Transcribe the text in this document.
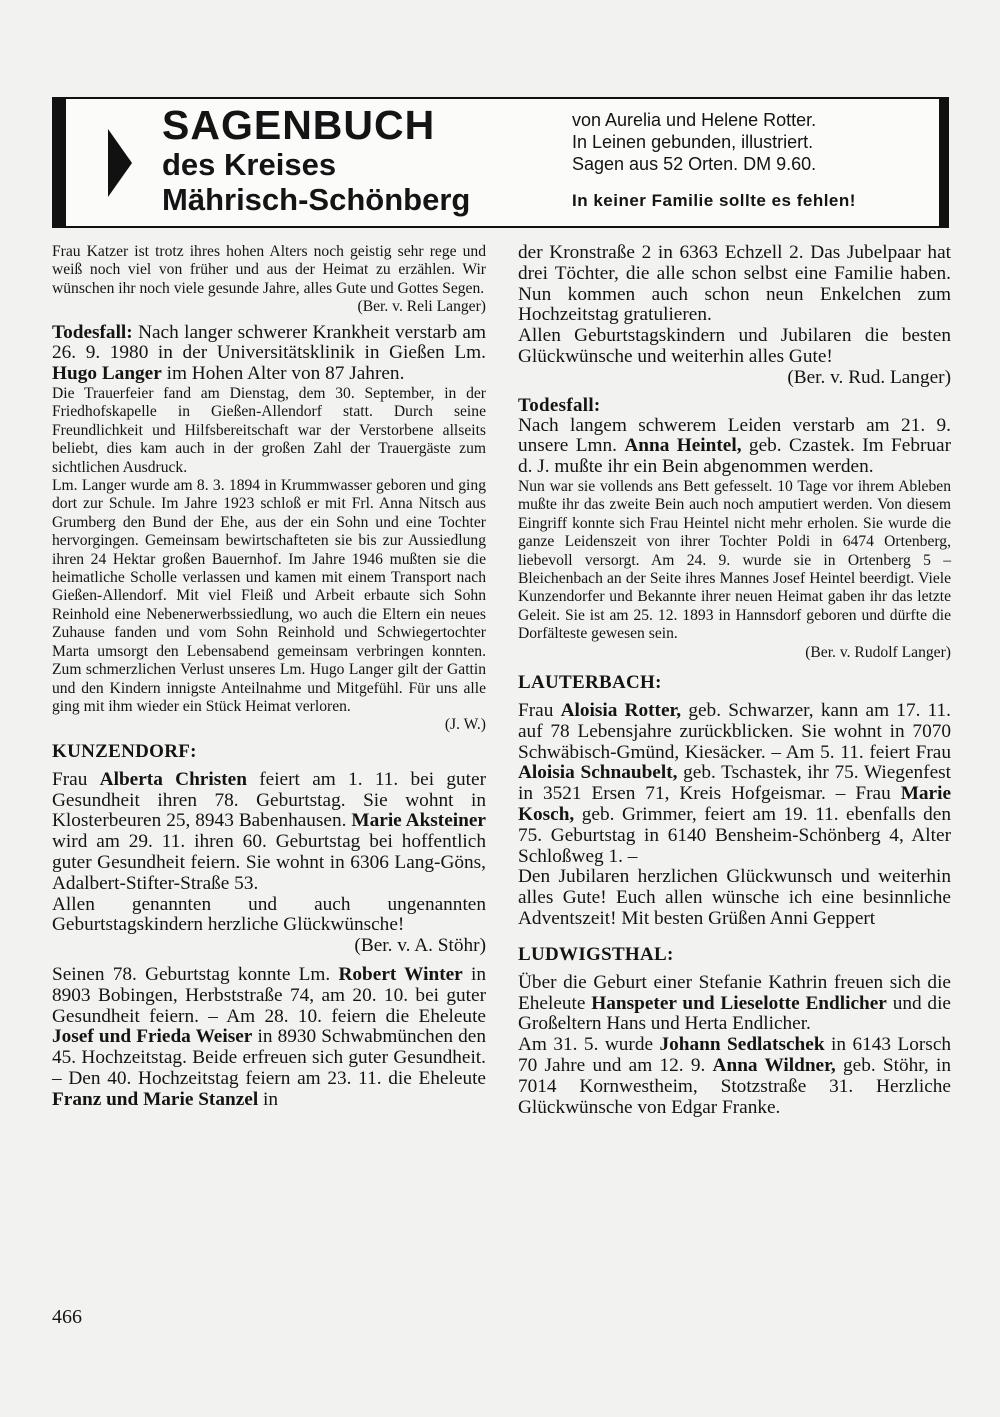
SAGENBUCH
des Kreises
Mährisch-Schönberg
von Aurelia und Helene Rotter.
In Leinen gebunden, illustriert.
Sagen aus 52 Orten. DM 9.60.
In keiner Familie sollte es fehlen!

Frau Katzer ist trotz ihres hohen Alters noch geistig sehr rege und weiß noch viel von früher und aus der Heimat zu erzählen. Wir wünschen ihr noch viele gesunde Jahre, alles Gute und Gottes Segen.

(Ber. v. Reli Langer)

Todesfall: Nach langer schwerer Krankheit verstarb am 26. 9. 1980 in der Universitätsklinik in Gießen Lm. Hugo Langer im Hohen Alter von 87 Jahren.

Die Trauerfeier fand am Dienstag, dem 30. September, in der Friedhofskapelle in Gießen-Allendorf statt. Durch seine Freundlichkeit und Hilfsbereitschaft war der Verstorbene allseits beliebt, dies kam auch in der großen Zahl der Trauergäste zum sichtlichen Ausdruck.

Lm. Langer wurde am 8. 3. 1894 in Krummwasser geboren und ging dort zur Schule. Im Jahre 1923 schloß er mit Frl. Anna Nitsch aus Grumberg den Bund der Ehe, aus der ein Sohn und eine Tochter hervorgingen. Gemeinsam bewirtschafteten sie bis zur Aussiedlung ihren 24 Hektar großen Bauernhof. Im Jahre 1946 mußten sie die heimatliche Scholle verlassen und kamen mit einem Transport nach Gießen-Allendorf. Mit viel Fleiß und Arbeit erbaute sich Sohn Reinhold eine Nebenerwerbssiedlung, wo auch die Eltern ein neues Zuhause fanden und vom Sohn Reinhold und Schwiegertochter Marta umsorgt den Lebensabend gemeinsam verbringen konnten. Zum schmerzlichen Verlust unseres Lm. Hugo Langer gilt der Gattin und den Kindern innigste Anteilnahme und Mitgefühl. Für uns alle ging mit ihm wieder ein Stück Heimat verloren.

(J. W.)

KUNZENDORF:

Frau Alberta Christen feiert am 1. 11. bei guter Gesundheit ihren 78. Geburtstag. Sie wohnt in Klosterbeuren 25, 8943 Babenhausen. Marie Aksteiner wird am 29. 11. ihren 60. Geburtstag bei hoffentlich guter Gesundheit feiern. Sie wohnt in 6306 Lang-Göns, Adalbert-Stifter-Straße 53.

Allen genannten und auch ungenannten Geburtstagskindern herzliche Glückwünsche!

(Ber. v. A. Stöhr)

Seinen 78. Geburtstag konnte Lm. Robert Winter in 8903 Bobingen, Herbststraße 74, am 20. 10. bei guter Gesundheit feiern. – Am 28. 10. feiern die Eheleute Josef und Frieda Weiser in 8930 Schwabmünchen den 45. Hochzeitstag. Beide erfreuen sich guter Gesundheit. – Den 40. Hochzeitstag feiern am 23. 11. die Eheleute Franz und Marie Stanzel in

der Kronstraße 2 in 6363 Echzell 2. Das Jubelpaar hat drei Töchter, die alle schon selbst eine Familie haben. Nun kommen auch schon neun Enkelchen zum Hochzeitstag gratulieren.

Allen Geburtstagskindern und Jubilaren die besten Glückwünsche und weiterhin alles Gute!

(Ber. v. Rud. Langer)

Todesfall:

Nach langem schwerem Leiden verstarb am 21. 9. unsere Lmn. Anna Heintel, geb. Czastek. Im Februar d. J. mußte ihr ein Bein abgenommen werden.

Nun war sie vollends ans Bett gefesselt. 10 Tage vor ihrem Ableben mußte ihr das zweite Bein auch noch amputiert werden. Von diesem Eingriff konnte sich Frau Heintel nicht mehr erholen. Sie wurde die ganze Leidenszeit von ihrer Tochter Poldi in 6474 Ortenberg, liebevoll versorgt. Am 24. 9. wurde sie in Ortenberg 5 – Bleichenbach an der Seite ihres Mannes Josef Heintel beerdigt. Viele Kunzendorfer und Bekannte ihrer neuen Heimat gaben ihr das letzte Geleit. Sie ist am 25. 12. 1893 in Hannsdorf geboren und dürfte die Dorfälteste gewesen sein.

(Ber. v. Rudolf Langer)

LAUTERBACH:

Frau Aloisia Rotter, geb. Schwarzer, kann am 17. 11. auf 78 Lebensjahre zurückblicken. Sie wohnt in 7070 Schwäbisch-Gmünd, Kiesäcker. – Am 5. 11. feiert Frau Aloisia Schnaubelt, geb. Tschastek, ihr 75. Wiegenfest in 3521 Ersen 71, Kreis Hofgeismar. – Frau Marie Kosch, geb. Grimmer, feiert am 19. 11. ebenfalls den 75. Geburtstag in 6140 Bensheim-Schönberg 4, Alter Schloßweg 1. –

Den Jubilaren herzlichen Glückwunsch und weiterhin alles Gute! Euch allen wünsche ich eine besinnliche Adventszeit! Mit besten Grüßen Anni Geppert

LUDWIGSTHAL:

Über die Geburt einer Stefanie Kathrin freuen sich die Eheleute Hanspeter und Lieselotte Endlicher und die Großeltern Hans und Herta Endlicher.

Am 31. 5. wurde Johann Sedlatschek in 6143 Lorsch 70 Jahre und am 12. 9. Anna Wildner, geb. Stöhr, in 7014 Kornwestheim, Stotzstraße 31. Herzliche Glückwünsche von Edgar Franke.

466
